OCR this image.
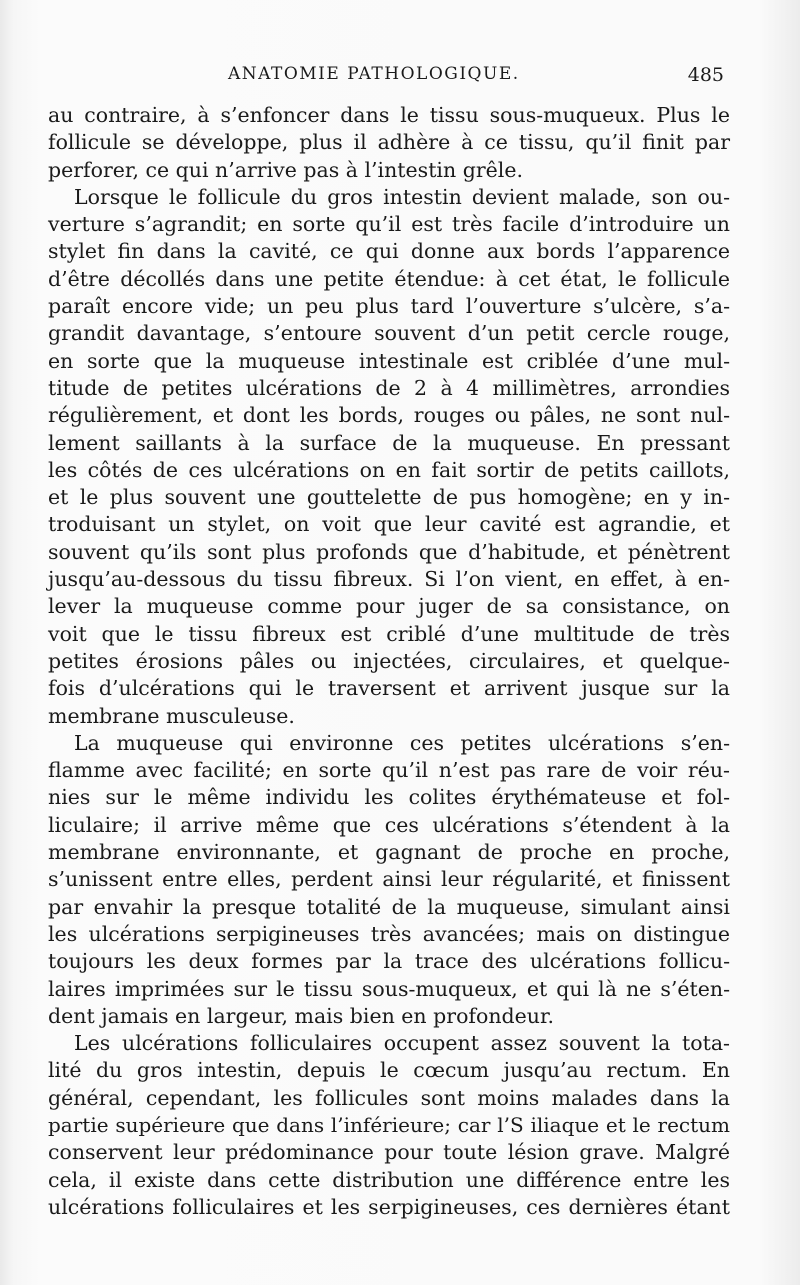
ANATOMIE PATHOLOGIQUE.	485
au contraire, à s’enfoncer dans le tissu sous-muqueux. Plus le
follicule se développe, plus il adhère à ce tissu, qu’il finit par
perforer, ce qui n’arrive pas à l’intestin grêle.
Lorsque le follicule du gros intestin devient malade, son ou-
verture s’agrandit; en sorte qu’il est très facile d’introduire un
stylet fin dans la cavité, ce qui donne aux bords l’apparence
d’être décollés dans une petite étendue: à cet état, le follicule
paraît encore vide; un peu plus tard l’ouverture s’ulcère, s’a-
grandit davantage, s’entoure souvent d’un petit cercle rouge,
en sorte que la muqueuse intestinale est criblée d’une mul-
titude de petites ulcérations de 2 à 4 millimètres, arrondies
régulièrement, et dont les bords, rouges ou pâles, ne sont nul-
lement saillants à la surface de la muqueuse. En pressant
les côtés de ces ulcérations on en fait sortir de petits caillots,
et le plus souvent une gouttelette de pus homogène; en y in-
troduisant un stylet, on voit que leur cavité est agrandie, et
souvent qu’ils sont plus profonds que d’habitude, et pénètrent
jusqu’au-dessous du tissu fibreux. Si l’on vient, en effet, à en-
lever la muqueuse comme pour juger de sa consistance, on
voit que le tissu fibreux est criblé d’une multitude de très
petites érosions pâles ou injectées, circulaires, et quelque-
fois d’ulcérations qui le traversent et arrivent jusque sur la
membrane musculeuse.
La muqueuse qui environne ces petites ulcérations s’en-
flamme avec facilité; en sorte qu’il n’est pas rare de voir réu-
nies sur le même individu les colites érythémateuse et fol-
liculaire; il arrive même que ces ulcérations s’étendent à la
membrane environnante, et gagnant de proche en proche,
s’unissent entre elles, perdent ainsi leur régularité, et finissent
par envahir la presque totalité de la muqueuse, simulant ainsi
les ulcérations serpigineuses très avancées; mais on distingue
toujours les deux formes par la trace des ulcérations follicu-
laires imprimées sur le tissu sous-muqueux, et qui là ne s’éten-
dent jamais en largeur, mais bien en profondeur.
Les ulcérations folliculaires occupent assez souvent la tota-
lité du gros intestin, depuis le cœcum jusqu’au rectum. En
général, cependant, les follicules sont moins malades dans la
partie supérieure que dans l’inférieure; car l’S iliaque et le rectum
conservent leur prédominance pour toute lésion grave. Malgré
cela, il existe dans cette distribution une différence entre les
ulcérations folliculaires et les serpigineuses, ces dernières étant
